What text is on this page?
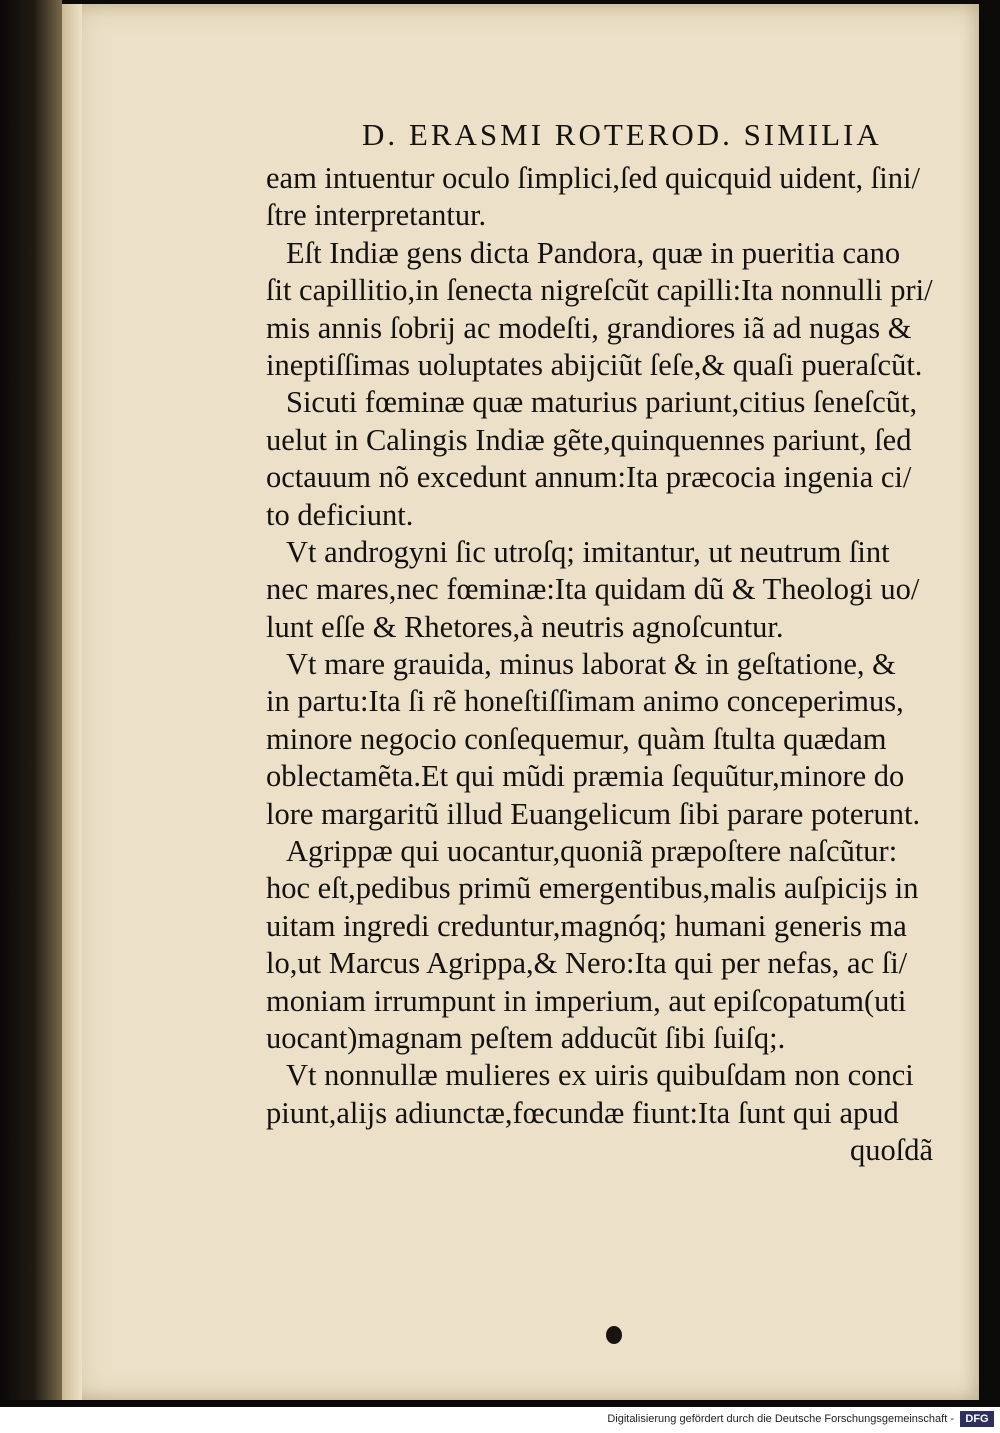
D. ERASMI ROTEROD. SIMILIA
eam intuentur oculo ſimplici,ſed quicquid uident, ſini/
ſtre interpretantur.
Eſt Indiæ gens dicta Pandora, quæ in pueritia cano
ſit capillitio,in ſenecta nigreſcũt capilli:Ita nonnulli pri/
mis annis ſobrij ac modeſti, grandiores iã ad nugas &
ineptiſſimas uoluptates abijciũt ſeſe,& quaſi pueraſcũt.
Sicuti fœminæ quæ maturius pariunt,citius ſeneſcũt,
uelut in Calingis Indiæ gẽte,quinquennes pariunt, ſed
octauum nõ excedunt annum:Ita præcocia ingenia ci/
to deficiunt.
Vt androgyni ſic utroſq; imitantur, ut neutrum ſint
nec mares,nec fœminæ:Ita quidam dũ & Theologi uo/
lunt eſſe & Rhetores,à neutris agnoſcuntur.
Vt mare grauida, minus laborat & in geſtatione, &
in partu:Ita ſi rẽ honeſtiſſimam animo conceperimus,
minore negocio conſequemur, quàm ſtulta quædam
oblectamẽta.Et qui mũdi præmia ſequũtur,minore do
lore margaritũ illud Euangelicum ſibi parare poterunt.
Agrippæ qui uocantur,quoniã præpoſtere naſcũtur:
hoc eſt,pedibus primũ emergentibus,malis auſpicijs in
uitam ingredi creduntur,magnóq; humani generis ma
lo,ut Marcus Agrippa,& Nero:Ita qui per nefas, ac ſi/
moniam irrumpunt in imperium, aut epiſcopatum(uti
uocant)magnam peſtem adducũt ſibi ſuiſq;.
Vt nonnullæ mulieres ex uiris quibuſdam non conci
piunt,alijs adiunctæ,fœcundæ fiunt:Ita ſunt qui apud
quoſdã
Digitalisierung gefördert durch die Deutsche Forschungsgemeinschaft -	DFG
